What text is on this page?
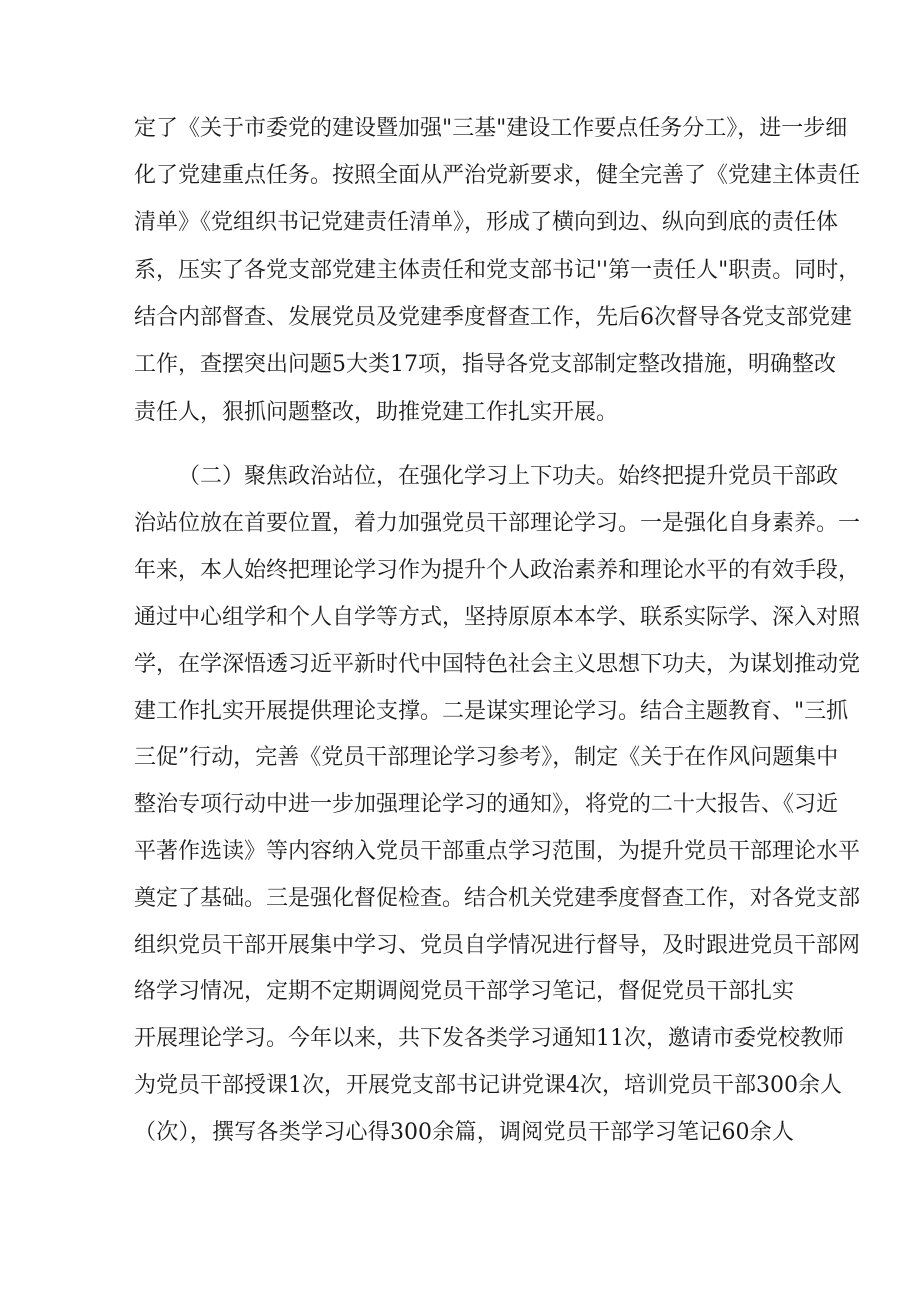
定了《关于市委党的建设暨加强"三基"建设工作要点任务分工》，进一步细
化了党建重点任务。按照全面从严治党新要求，健全完善了《党建主体责任
清单》《党组织书记党建责任清单》，形成了横向到边、纵向到底的责任体
系，压实了各党支部党建主体责任和党支部书记''第一责任人"职责。同时，
结合内部督查、发展党员及党建季度督查工作，先后6次督导各党支部党建
工作，查摆突出问题5大类17项，指导各党支部制定整改措施，明确整改
责任人，狠抓问题整改，助推党建工作扎实开展。
（二）聚焦政治站位，在强化学习上下功夫。始终把提升党员干部政
治站位放在首要位置，着力加强党员干部理论学习。一是强化自身素养。一
年来，本人始终把理论学习作为提升个人政治素养和理论水平的有效手段，
通过中心组学和个人自学等方式，坚持原原本本学、联系实际学、深入对照
学，在学深悟透习近平新时代中国特色社会主义思想下功夫，为谋划推动党
建工作扎实开展提供理论支撑。二是谋实理论学习。结合主题教育、"三抓
三促”行动，完善《党员干部理论学习参考》，制定《关于在作风问题集中
整治专项行动中进一步加强理论学习的通知》，将党的二十大报告、《习近
平著作选读》等内容纳入党员干部重点学习范围，为提升党员干部理论水平
奠定了基础。三是强化督促检查。结合机关党建季度督查工作，对各党支部
组织党员干部开展集中学习、党员自学情况进行督导，及时跟进党员干部网
络学习情况，定期不定期调阅党员干部学习笔记，督促党员干部扎实
开展理论学习。今年以来，共下发各类学习通知11次，邀请市委党校教师
为党员干部授课1次，开展党支部书记讲党课4次，培训党员干部300余人
（次），撰写各类学习心得300余篇，调阅党员干部学习笔记60余人
